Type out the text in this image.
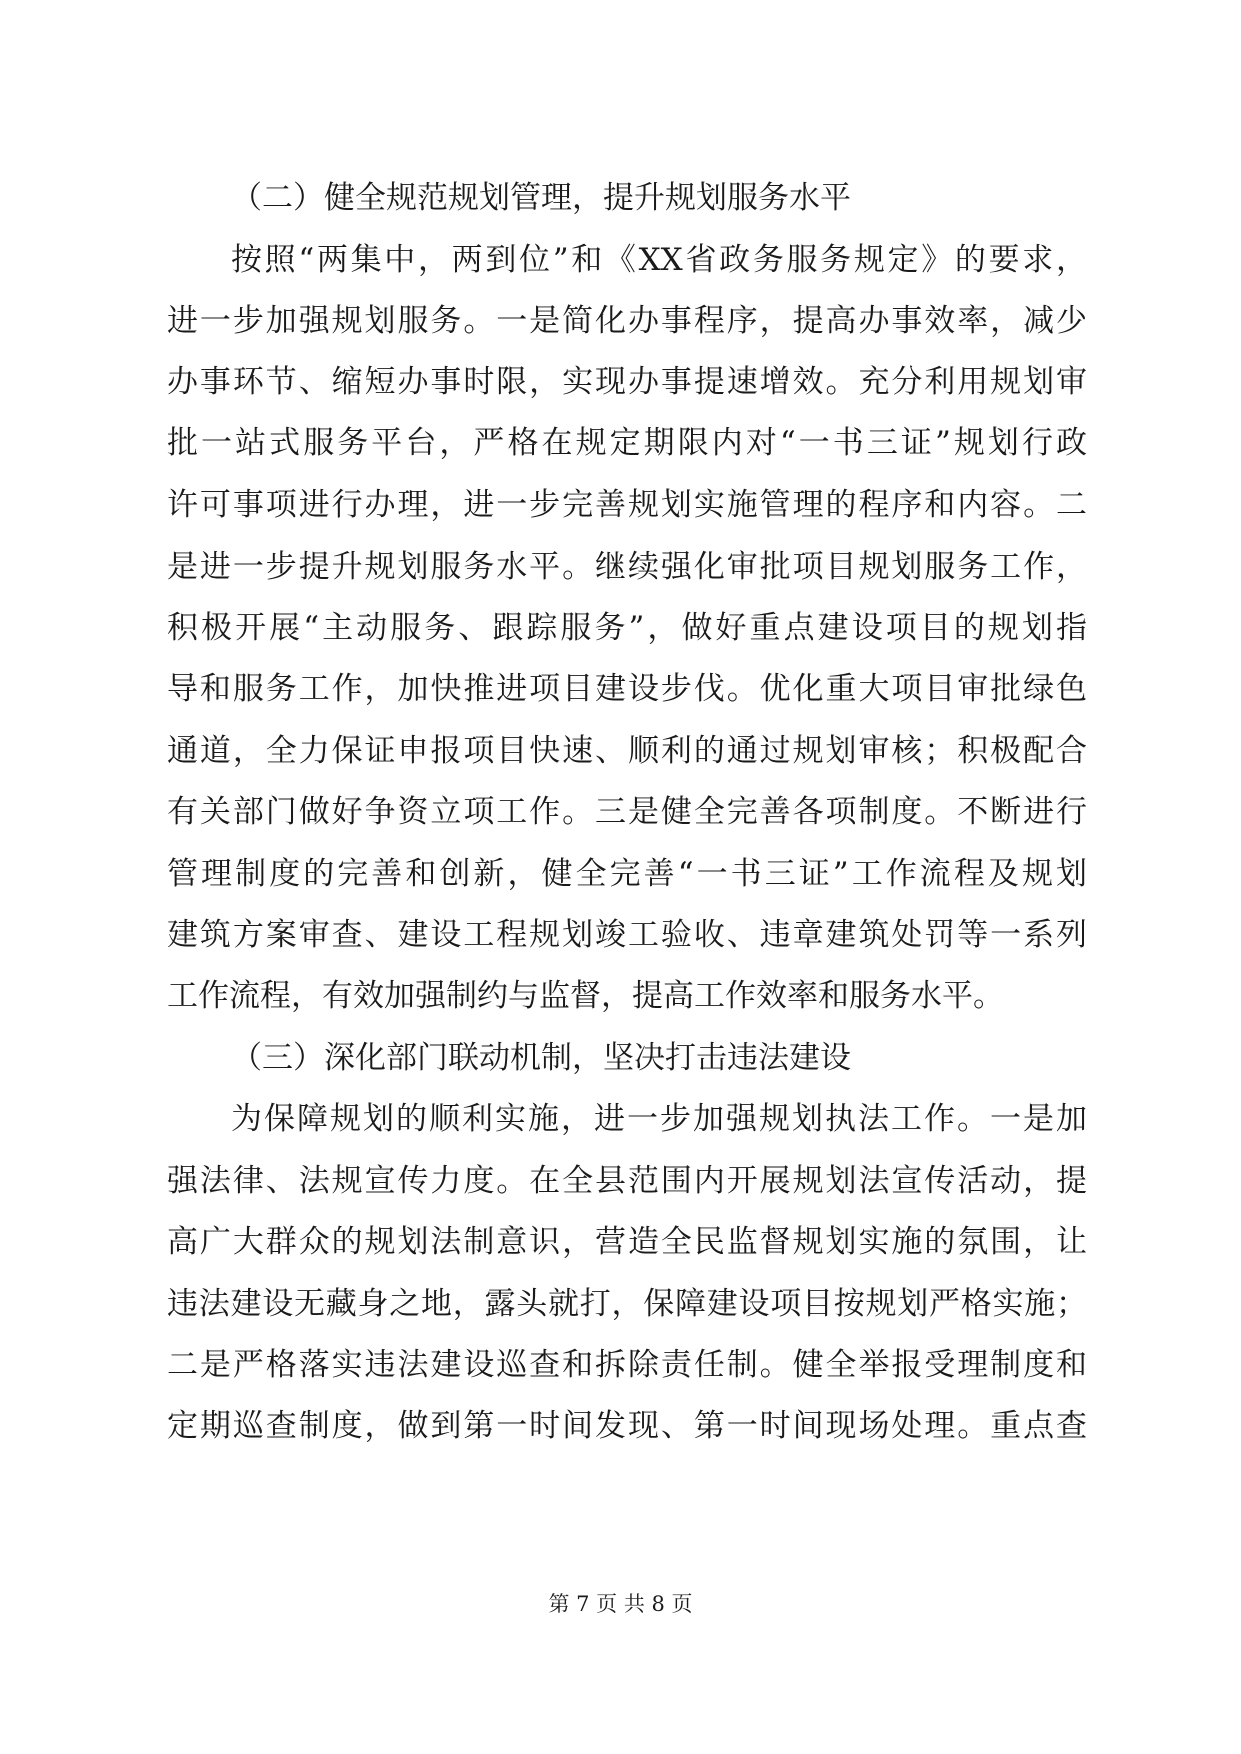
（二）健全规范规划管理，提升规划服务水平
按照“两集中，两到位”和《XX省政务服务规定》的要求，
进一步加强规划服务。一是简化办事程序，提高办事效率，减少
办事环节、缩短办事时限，实现办事提速增效。充分利用规划审
批一站式服务平台，严格在规定期限内对“一书三证”规划行政
许可事项进行办理，进一步完善规划实施管理的程序和内容。二
是进一步提升规划服务水平。继续强化审批项目规划服务工作，
积极开展“主动服务、跟踪服务”，做好重点建设项目的规划指
导和服务工作，加快推进项目建设步伐。优化重大项目审批绿色
通道，全力保证申报项目快速、顺利的通过规划审核；积极配合
有关部门做好争资立项工作。三是健全完善各项制度。不断进行
管理制度的完善和创新，健全完善“一书三证”工作流程及规划
建筑方案审查、建设工程规划竣工验收、违章建筑处罚等一系列
工作流程，有效加强制约与监督，提高工作效率和服务水平。
（三）深化部门联动机制，坚决打击违法建设
为保障规划的顺利实施，进一步加强规划执法工作。一是加
强法律、法规宣传力度。在全县范围内开展规划法宣传活动，提
高广大群众的规划法制意识，营造全民监督规划实施的氛围，让
违法建设无藏身之地，露头就打，保障建设项目按规划严格实施；
二是严格落实违法建设巡查和拆除责任制。健全举报受理制度和
定期巡查制度，做到第一时间发现、第一时间现场处理。重点查
第 7 页 共 8 页
